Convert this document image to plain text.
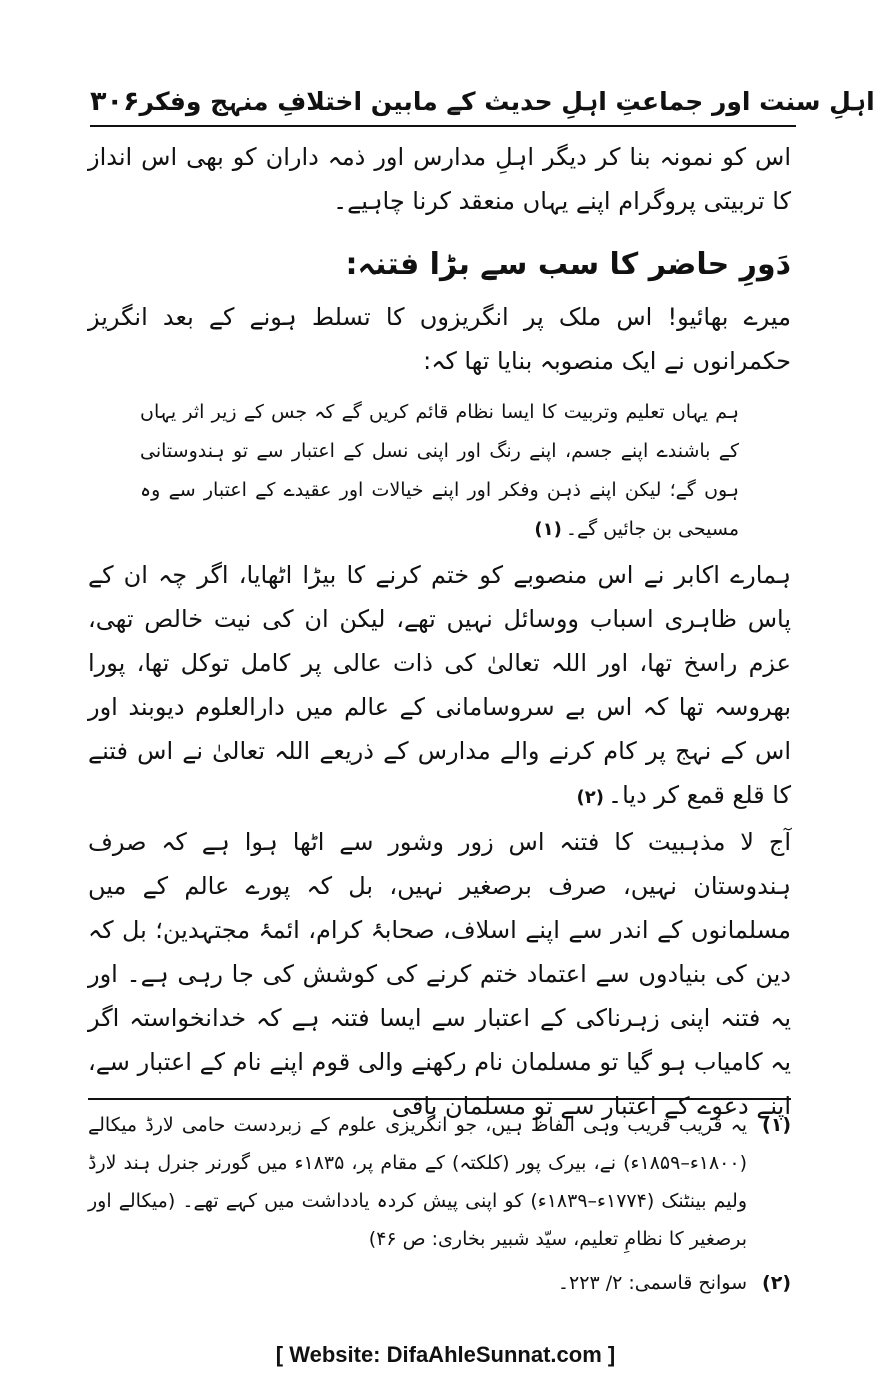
۳۰۶ اہلِ سنت اور جماعتِ اہلِ حدیث کے مابین اختلافِ منہج وفکر

اس کو نمونہ بنا کر دیگر اہلِ مدارس اور ذمہ داران کو بھی اس انداز کا تربیتی پروگرام اپنے یہاں منعقد کرنا چاہیے۔

دَورِ حاضر کا سب سے بڑا فتنہ:

میرے بھائیو! اس ملک پر انگریزوں کا تسلط ہونے کے بعد انگریز حکمرانوں نے ایک منصوبہ بنایا تھا کہ:

ہم یہاں تعلیم وتربیت کا ایسا نظام قائم کریں گے کہ جس کے زیر اثر یہاں کے باشندے اپنے جسم، اپنے رنگ اور اپنی نسل کے اعتبار سے تو ہندوستانی ہوں گے؛ لیکن اپنے ذہن وفکر اور اپنے خیالات اور عقیدے کے اعتبار سے وہ مسیحی بن جائیں گے۔(۱)

ہمارے اکابر نے اس منصوبے کو ختم کرنے کا بیڑا اٹھایا، اگر چہ ان کے پاس ظاہری اسباب ووسائل نہیں تھے، لیکن ان کی نیت خالص تھی، عزم راسخ تھا، اور اللہ تعالیٰ کی ذات عالی پر کامل توکل تھا، پورا بھروسہ تھا کہ اس بے سروسامانی کے عالم میں دارالعلوم دیوبند اور اس کے نہج پر کام کرنے والے مدارس کے ذریعے اللہ تعالیٰ نے اس فتنے کا قلع قمع کر دیا۔(۲)

آج لا مذہبیت کا فتنہ اس زور وشور سے اٹھا ہوا ہے کہ صرف ہندوستان نہیں، صرف برصغیر نہیں، بل کہ پورے عالم کے میں مسلمانوں کے اندر سے اپنے اسلاف، صحابۂ کرام، ائمۂ مجتہدین؛ بل کہ دین کی بنیادوں سے اعتماد ختم کرنے کی کوشش کی جا رہی ہے۔ اور یہ فتنہ اپنی زہرناکی کے اعتبار سے ایسا فتنہ ہے کہ خدانخواستہ اگر یہ کامیاب ہو گیا تو مسلمان نام رکھنے والی قوم اپنے نام کے اعتبار سے، اپنے دعوے کے اعتبار سے تو مسلمان باقی

(۱)
یہ قریب قریب وہی الفاظ ہیں، جو انگریزی علوم کے زبردست حامی لارڈ میکالے (۱۸۰۰ء–۱۸۵۹ء) نے، بیرک پور (کلکتہ) کے مقام پر، ۱۸۳۵ء میں گورنر جنرل ہند لارڈ ولیم بینٹنک (۱۷۷۴ء–۱۸۳۹ء) کو اپنی پیش کردہ یادداشت میں کہے تھے۔ (میکالے اور برصغیر کا نظامِ تعلیم، سیّد شبیر بخاری: ص ۴۶)
(۲)
سوانح قاسمی: ۲/ ۲۲۳۔
[ Website: DifaAhleSunnat.com ]
